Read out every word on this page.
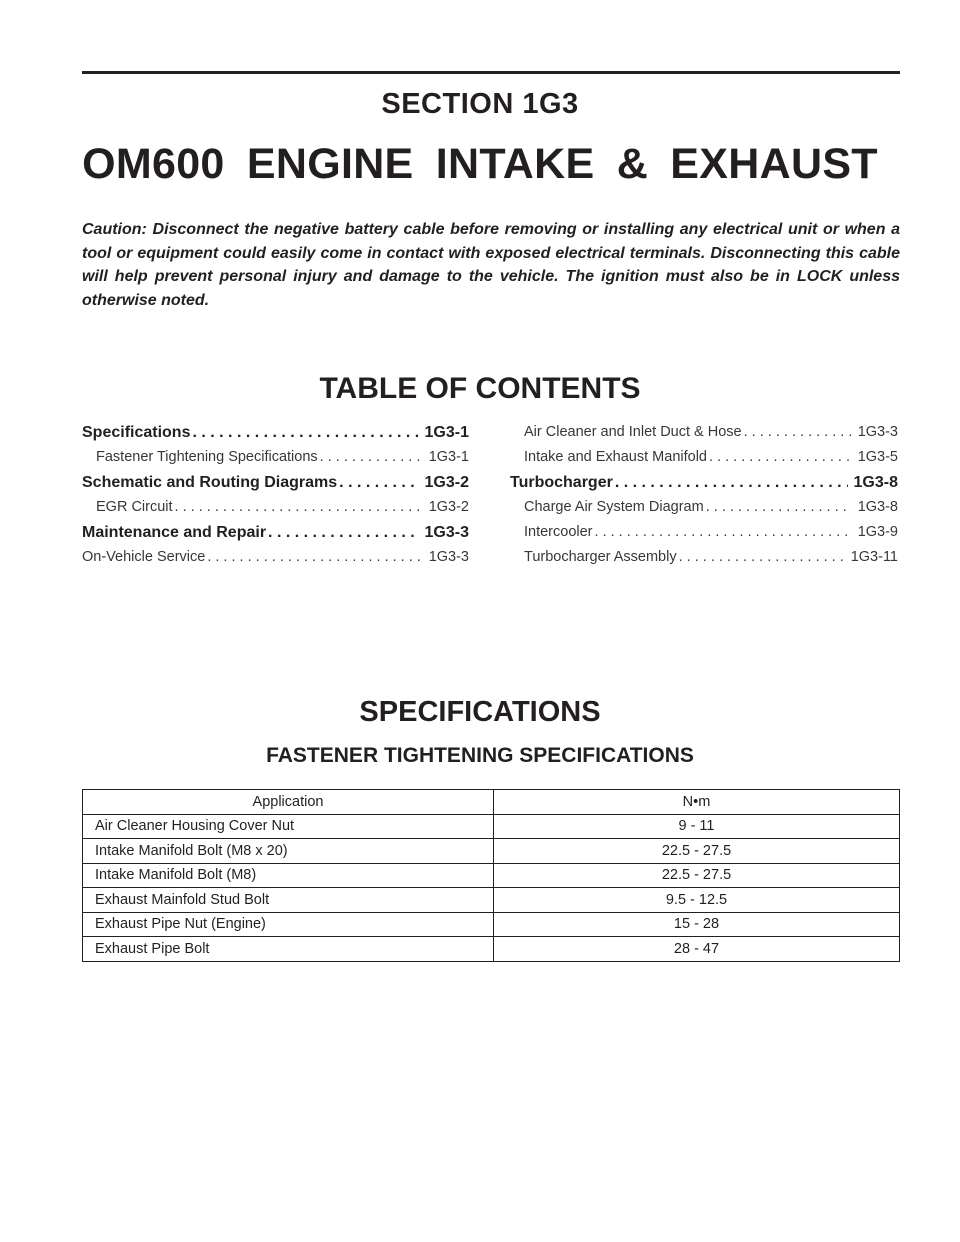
SECTION 1G3
OM600 ENGINE INTAKE & EXHAUST
Caution: Disconnect the negative battery cable before removing or installing any electrical unit or when a tool or equipment could easily come in contact with exposed electrical terminals. Disconnecting this cable will help prevent personal injury and damage to the vehicle. The ignition must also be in LOCK unless otherwise noted.
TABLE OF CONTENTS
Specifications . . .	1G3-1
Fastener Tightening Specifications . . .	1G3-1
Schematic and Routing Diagrams . . .	1G3-2
EGR Circuit . . .	1G3-2
Maintenance and Repair . . .	1G3-3
On-Vehicle Service . . .	1G3-3
Air Cleaner and Inlet Duct & Hose . . .	1G3-3
Intake and Exhaust Manifold . . .	1G3-5
Turbocharger . . .	1G3-8
Charge Air System Diagram . . .	1G3-8
Intercooler . . .	1G3-9
Turbocharger Assembly . . .	1G3-11
SPECIFICATIONS
FASTENER TIGHTENING SPECIFICATIONS
Application	N•m
Air Cleaner Housing Cover Nut	9 - 11
Intake Manifold Bolt (M8 x 20)	22.5 - 27.5
Intake Manifold Bolt (M8)	22.5 - 27.5
Exhaust Mainfold Stud Bolt	9.5 - 12.5
Exhaust Pipe Nut (Engine)	15 - 28
Exhaust Pipe Bolt	28 - 47
